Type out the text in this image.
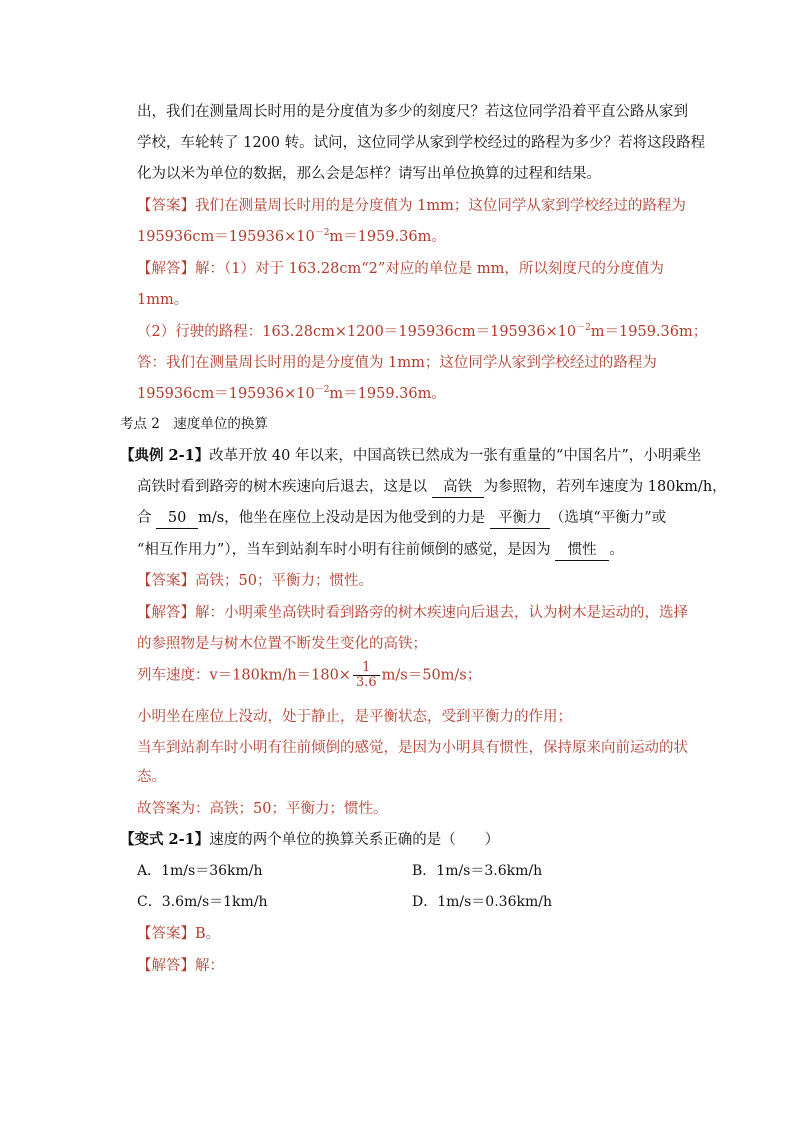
出，我们在测量周长时用的是分度值为多少的刻度尺？若这位同学沿着平直公路从家到
学校，车轮转了 1200 转。试问，这位同学从家到学校经过的路程为多少？若将这段路程
化为以米为单位的数据，那么会是怎样？请写出单位换算的过程和结果。
【答案】我们在测量周长时用的是分度值为 1mm；这位同学从家到学校经过的路程为
$195936cm=195936\times 10^{-2}m=1959.36m$。
【解答】解：（1）对于 163.28cm“2”对应的单位是 mm，所以刻度尺的分度值为
1mm。
（2）行驶的路程：$163.28cm\times 1200=195936cm=195936\times 10^{-2}m=1959.36m$；
答：我们在测量周长时用的是分度值为 1mm；这位同学从家到学校经过的路程为
$195936cm=195936\times 10^{-2}m=1959.36m$。
考点 2　速度单位的换算
【典例 2-1】改革开放 40 年以来，中国高铁已然成为一张有重量的“中国名片”，小明乘坐
高铁时看到路旁的树木疾速向后退去，这是以 高铁 为参照物，若列车速度为 180km/h，
合 50 m/s，他坐在座位上没动是因为他受到的力是 平衡力 （选填“平衡力”或
“相互作用力”），当车到站刹车时小明有往前倾倒的感觉，是因为 惯性 。
【答案】高铁；50；平衡力；惯性。
【解答】解：小明乘坐高铁时看到路旁的树木疾速向后退去，认为树木是运动的，选择
的参照物是与树木位置不断发生变化的高铁；
列车速度：$v=180km/h=180\times \frac{1}{3.6} m/s=50m/s$；
小明坐在座位上没动，处于静止，是平衡状态，受到平衡力的作用；
当车到站刹车时小明有往前倾倒的感觉，是因为小明具有惯性，保持原来向前运动的状
态。
故答案为：高铁；50；平衡力；惯性。
【变式 2-1】速度的两个单位的换算关系正确的是（　　）
A．1m/s＝36km/h	B．1m/s＝3.6km/h
C．3.6m/s＝1km/h	D．1m/s＝0.36km/h
【答案】B。
【解答】解：
